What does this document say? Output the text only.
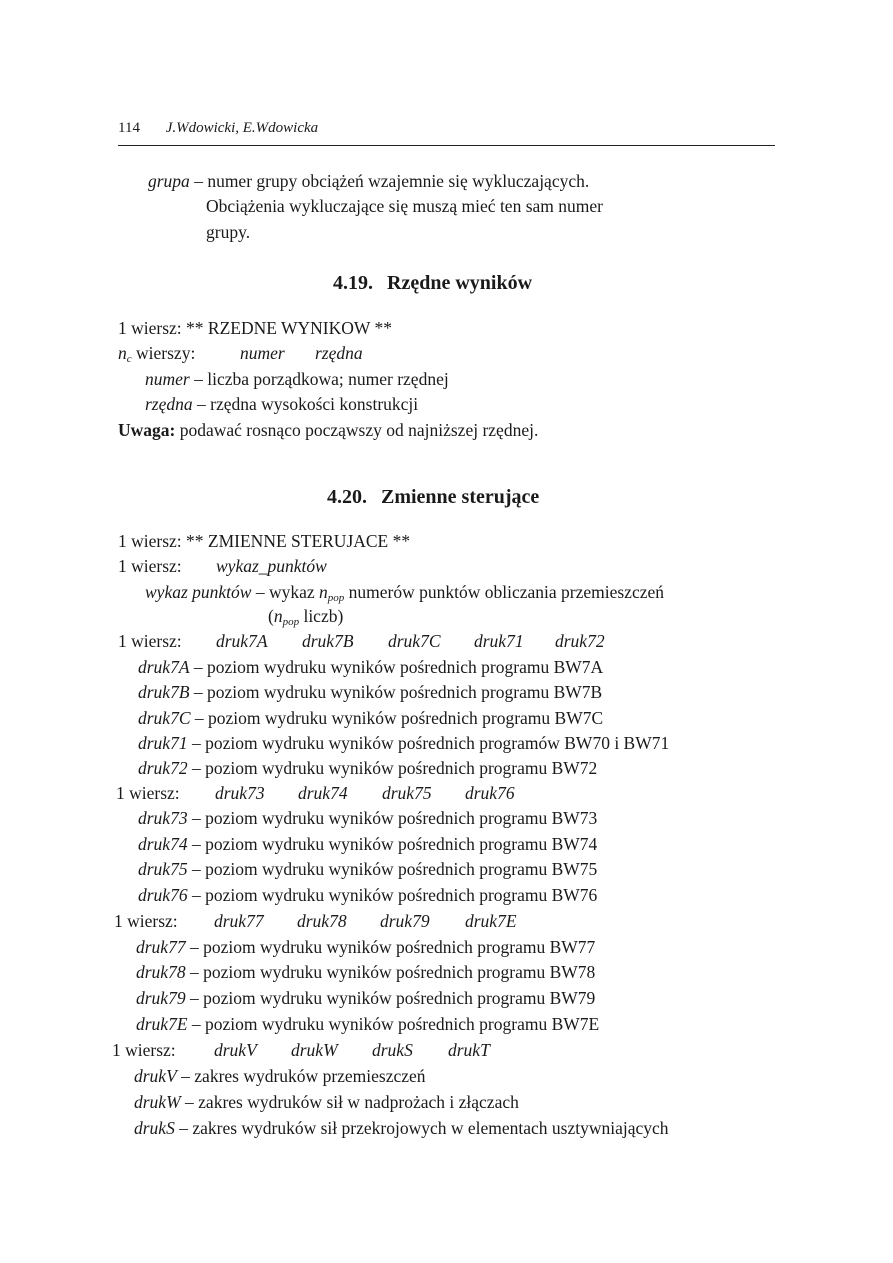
114 J.Wdowicki, E.Wdowicka
grupa – numer grupy obciążeń wzajemnie się wykluczających.
Obciążenia wykluczające się muszą mieć ten sam numer
grupy.
4.19. Rzędne wyników
1 wiersz: ** RZEDNE WYNIKOW **
$n_c$ wierszy:	numer rzędna
numer – liczba porządkowa; numer rzędnej
rzędna – rzędna wysokości konstrukcji
Uwaga: podawać rosnąco począwszy od najniższej rzędnej.
4.20. Zmienne sterujące
1 wiersz: ** ZMIENNE STERUJACE **
1 wiersz: wykaz_punktów
wykaz punktów – wykaz $n_{pop}$ numerów punktów obliczania przemieszczeń
($n_{pop}$ liczb)
1 wiersz: druk7A druk7B druk7C druk71 druk72
druk7A – poziom wydruku wyników pośrednich programu BW7A
druk7B – poziom wydruku wyników pośrednich programu BW7B
druk7C – poziom wydruku wyników pośrednich programu BW7C
druk71 – poziom wydruku wyników pośrednich programów BW70 i BW71
druk72 – poziom wydruku wyników pośrednich programu BW72
1 wiersz: druk73 druk74 druk75 druk76
druk73 – poziom wydruku wyników pośrednich programu BW73
druk74 – poziom wydruku wyników pośrednich programu BW74
druk75 – poziom wydruku wyników pośrednich programu BW75
druk76 – poziom wydruku wyników pośrednich programu BW76
1 wiersz: druk77 druk78 druk79 druk7E
druk77 – poziom wydruku wyników pośrednich programu BW77
druk78 – poziom wydruku wyników pośrednich programu BW78
druk79 – poziom wydruku wyników pośrednich programu BW79
druk7E – poziom wydruku wyników pośrednich programu BW7E
1 wiersz: drukV drukW drukS drukT
drukV – zakres wydruków przemieszczeń
drukW – zakres wydruków sił w nadprożach i złączach
drukS – zakres wydruków sił przekrojowych w elementach usztywniających
